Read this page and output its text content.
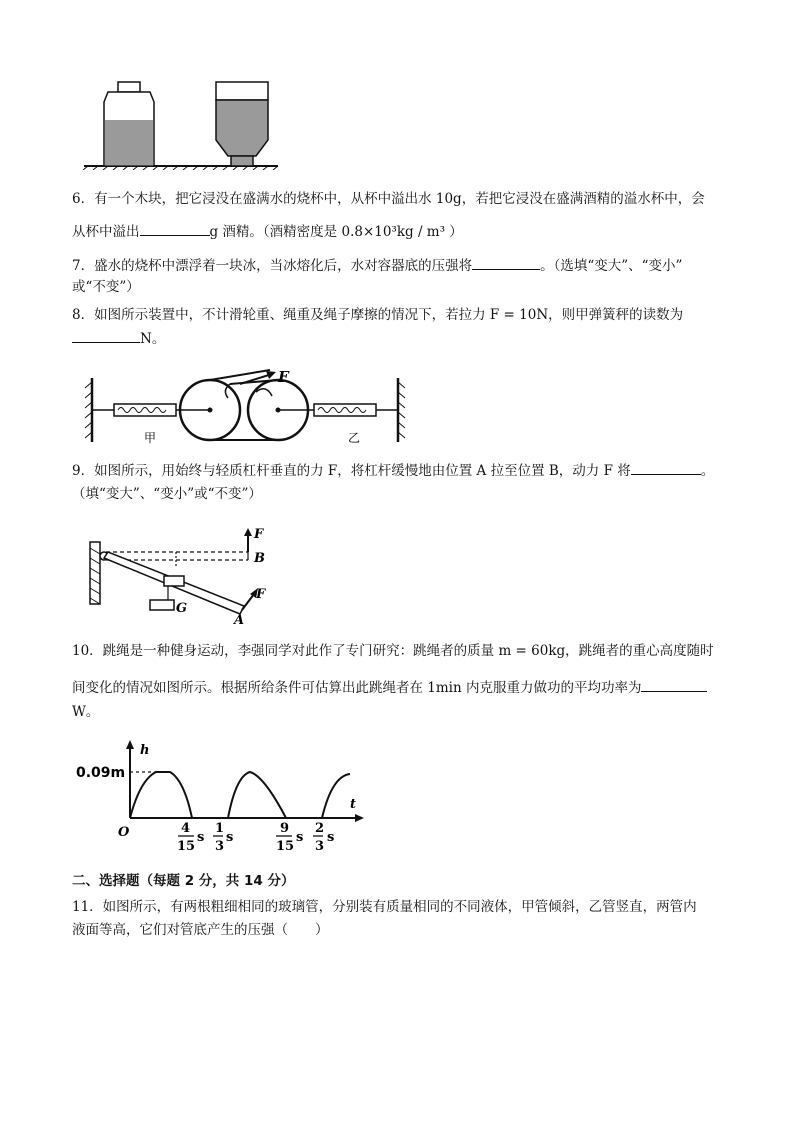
6．有一个木块，把它浸没在盛满水的烧杯中，从杯中溢出水 10g，若把它浸没在盛满酒精的溢水杯中，会
从杯中溢出	g 酒精。（酒精密度是 0.8×10³kg / m³ ）
7．盛水的烧杯中漂浮着一块冰，当冰熔化后，水对容器底的压强将	。（选填“变大”、“变小”
或“不变”）
8．如图所示装置中，不计滑轮重、绳重及绳子摩擦的情况下，若拉力 F = 10N，则甲弹簧秤的读数为
N。
F
甲	乙
9．如图所示，用始终与轻质杠杆垂直的力 F，将杠杆缓慢地由位置 A 拉至位置 B，动力 F 将	。
（填“变大”、“变小”或“不变”）
F
B
F
G
A
10．跳绳是一种健身运动，李强同学对此作了专门研究：跳绳者的质量 m = 60kg，跳绳者的重心高度随时
间变化的情况如图所示。根据所给条件可估算出此跳绳者在 1min 内克服重力做功的平均功率为
W。
h
t
O
0.09m
4
15
s
1
3
s
9
15
s
2
3
s
二、选择题（每题 2 分，共 14 分）
11．如图所示，有两根粗细相同的玻璃管，分别装有质量相同的不同液体，甲管倾斜，乙管竖直，两管内
液面等高，它们对管底产生的压强（　　）
